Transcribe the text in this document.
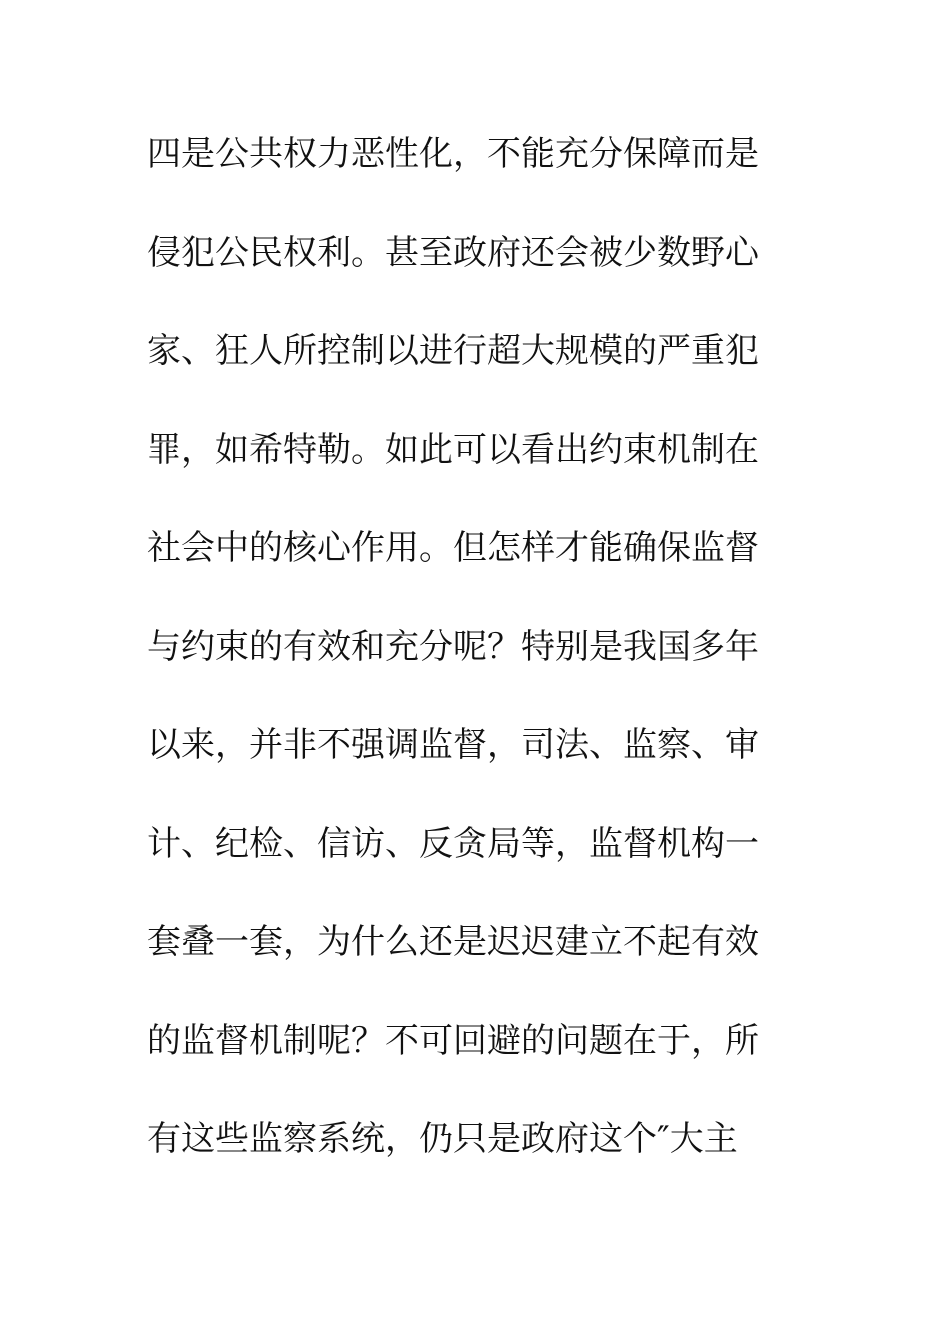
四是公共权力恶性化，不能充分保障而是
侵犯公民权利。甚至政府还会被少数野心
家、狂人所控制以进行超大规模的严重犯
罪，如希特勒。如此可以看出约束机制在
社会中的核心作用。但怎样才能确保监督
与约束的有效和充分呢？特别是我国多年
以来，并非不强调监督，司法、监察、审
计、纪检、信访、反贪局等，监督机构一
套叠一套，为什么还是迟迟建立不起有效
的监督机制呢？不可回避的问题在于，所
有这些监察系统，仍只是政府这个″大主
